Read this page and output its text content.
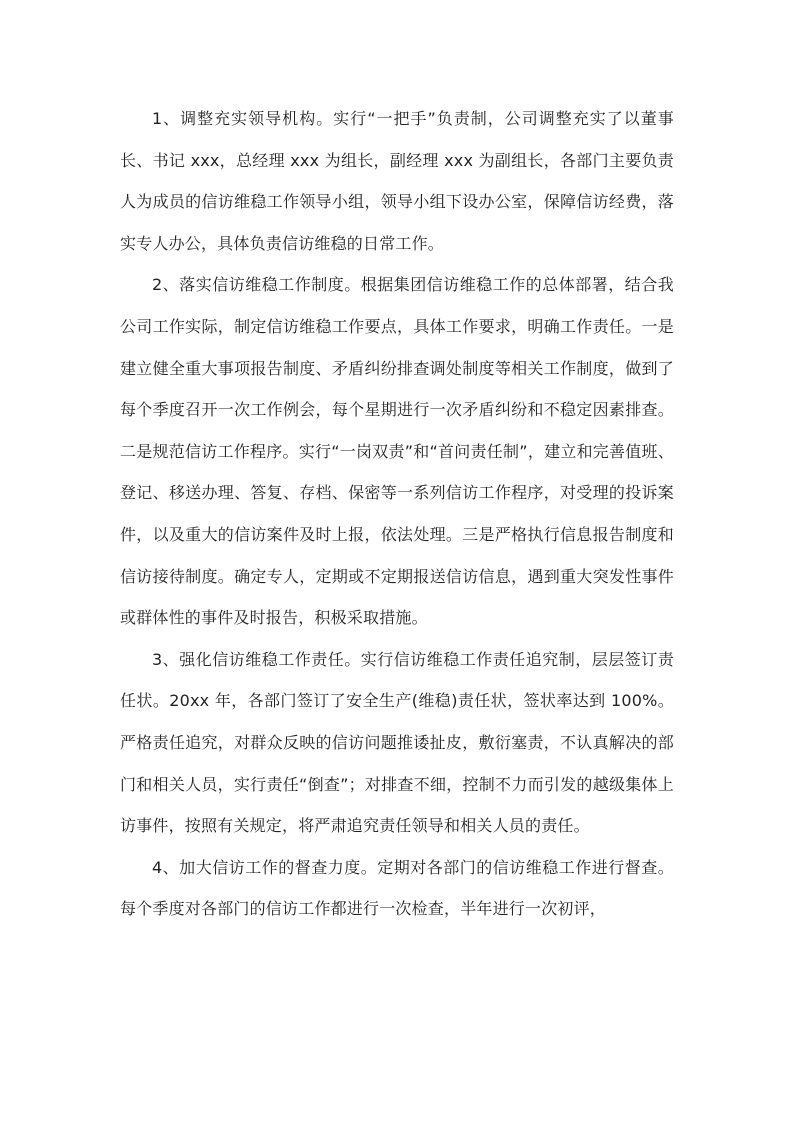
1、调整充实领导机构。实行“一把手”负责制，公司调整充实了以董事长、书记 xxx，总经理 xxx 为组长，副经理 xxx 为副组长，各部门主要负责人为成员的信访维稳工作领导小组，领导小组下设办公室，保障信访经费，落实专人办公，具体负责信访维稳的日常工作。

2、落实信访维稳工作制度。根据集团信访维稳工作的总体部署，结合我公司工作实际，制定信访维稳工作要点，具体工作要求，明确工作责任。一是建立健全重大事项报告制度、矛盾纠纷排查调处制度等相关工作制度，做到了每个季度召开一次工作例会，每个星期进行一次矛盾纠纷和不稳定因素排查。二是规范信访工作程序。实行“一岗双责”和“首问责任制”，建立和完善值班、登记、移送办理、答复、存档、保密等一系列信访工作程序，对受理的投诉案件，以及重大的信访案件及时上报，依法处理。三是严格执行信息报告制度和信访接待制度。确定专人，定期或不定期报送信访信息，遇到重大突发性事件或群体性的事件及时报告，积极采取措施。

3、强化信访维稳工作责任。实行信访维稳工作责任追究制，层层签订责任状。20xx 年，各部门签订了安全生产(维稳)责任状，签状率达到 100%。严格责任追究，对群众反映的信访问题推诿扯皮，敷衍塞责，不认真解决的部门和相关人员，实行责任“倒查”；对排查不细，控制不力而引发的越级集体上访事件，按照有关规定，将严肃追究责任领导和相关人员的责任。

4、加大信访工作的督查力度。定期对各部门的信访维稳工作进行督查。每个季度对各部门的信访工作都进行一次检查，半年进行一次初评，
